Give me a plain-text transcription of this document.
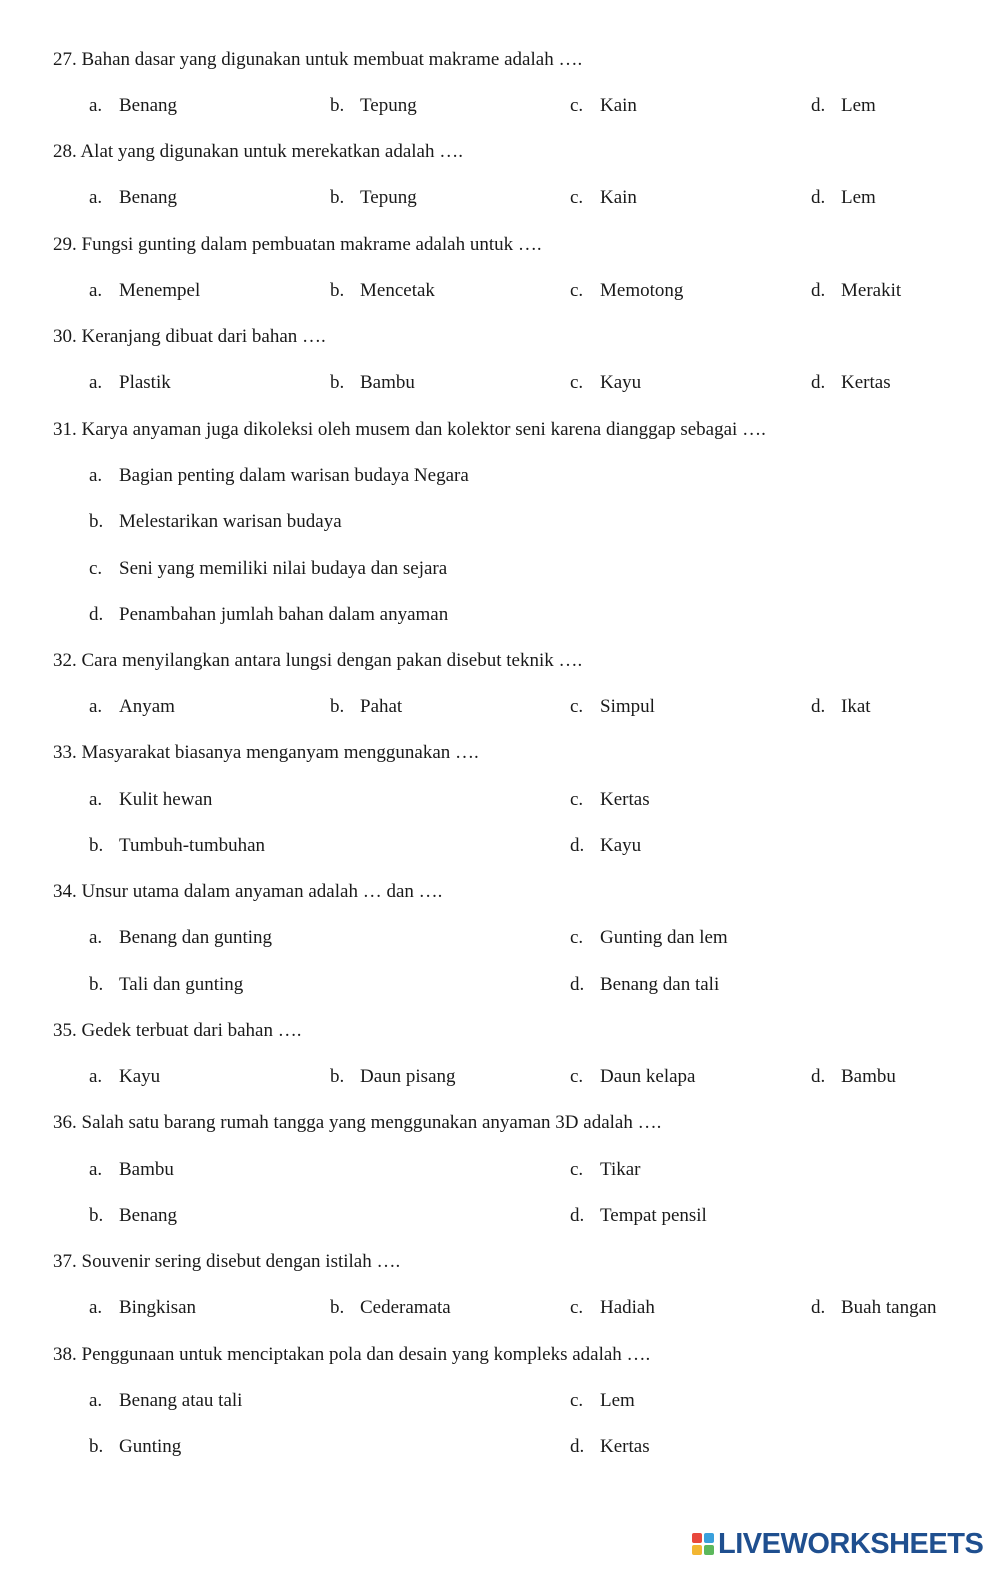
27. Bahan dasar yang digunakan untuk membuat makrame adalah ….
a. Benang	b. Tepung	c. Kain	d. Lem
28. Alat yang digunakan untuk merekatkan adalah ….
a. Benang	b. Tepung	c. Kain	d. Lem
29. Fungsi gunting dalam pembuatan makrame adalah untuk ….
a. Menempel	b. Mencetak	c. Memotong	d. Merakit
30. Keranjang dibuat dari bahan ….
a. Plastik	b. Bambu	c. Kayu	d. Kertas
31. Karya anyaman juga dikoleksi oleh musem dan kolektor seni karena dianggap sebagai ….
a. Bagian penting dalam warisan budaya Negara
b. Melestarikan warisan budaya
c. Seni yang memiliki nilai budaya dan sejara
d. Penambahan jumlah bahan dalam anyaman
32. Cara menyilangkan antara lungsi dengan pakan disebut teknik ….
a. Anyam	b. Pahat	c. Simpul	d. Ikat
33. Masyarakat biasanya menganyam menggunakan ….
a. Kulit hewan	c. Kertas
b. Tumbuh-tumbuhan	d. Kayu
34. Unsur utama dalam anyaman adalah … dan ….
a. Benang dan gunting	c. Gunting dan lem
b. Tali dan gunting	d. Benang dan tali
35. Gedek terbuat dari bahan ….
a. Kayu	b. Daun pisang	c. Daun kelapa	d. Bambu
36. Salah satu barang rumah tangga yang menggunakan anyaman 3D adalah ….
a. Bambu	c. Tikar
b. Benang	d. Tempat pensil
37. Souvenir sering disebut dengan istilah ….
a. Bingkisan	b. Cederamata	c. Hadiah	d. Buah tangan
38. Penggunaan untuk menciptakan pola dan desain yang kompleks adalah ….
a. Benang atau tali	c. Lem
b. Gunting	d. Kertas
LIVEWORKSHEETS
